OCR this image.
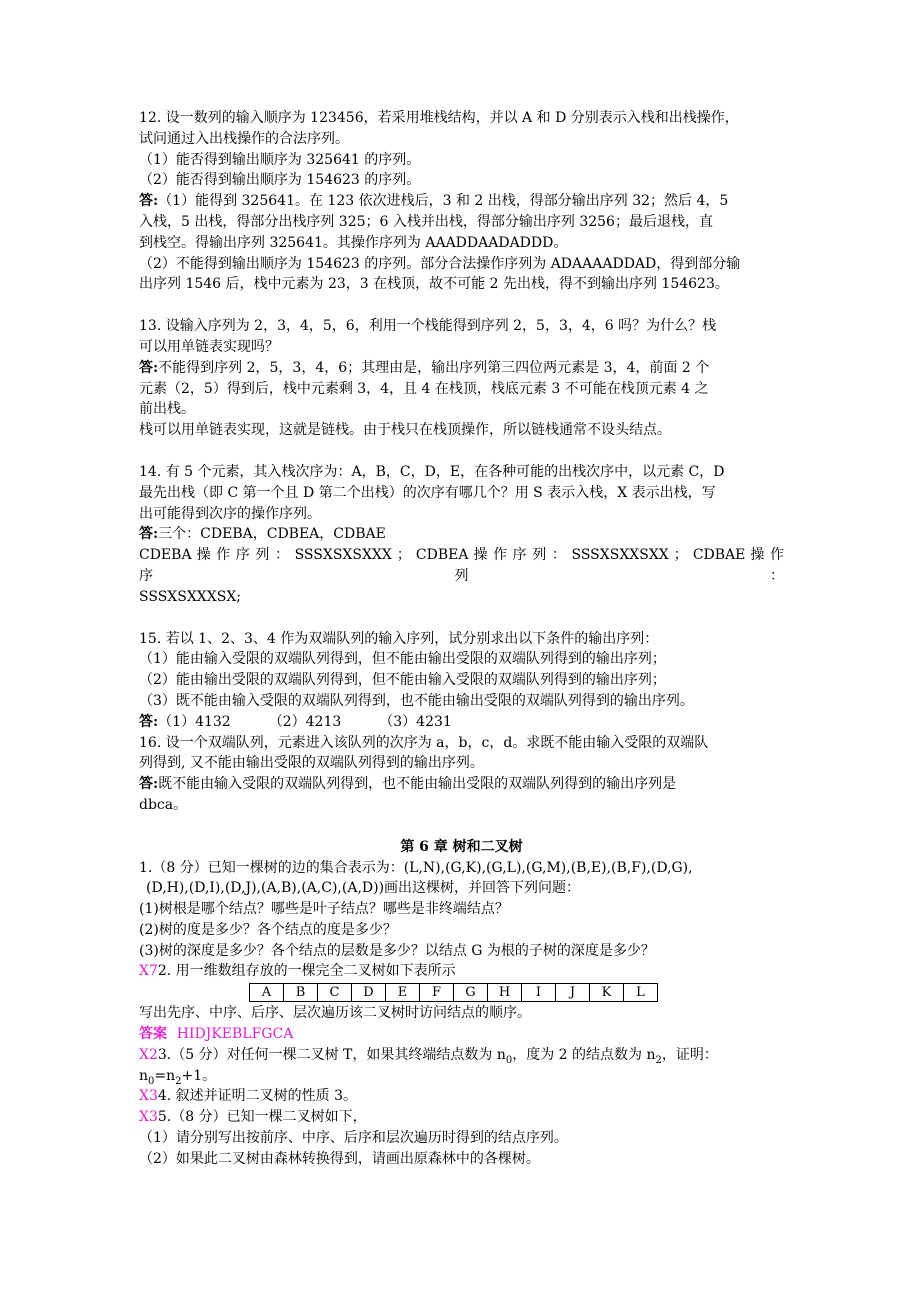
12. 设一数列的输入顺序为 123456，若采用堆栈结构，并以 A 和 D 分别表示入栈和出栈操作，
试问通过入出栈操作的合法序列。
（1）能否得到输出顺序为 325641 的序列。
（2）能否得到输出顺序为 154623 的序列。
答:（1）能得到 325641。在 123 依次进栈后，3 和 2 出栈，得部分输出序列 32；然后 4，5
入栈，5 出栈，得部分出栈序列 325；6 入栈并出栈，得部分输出序列 3256；最后退栈，直
到栈空。得输出序列 325641。其操作序列为 AAADDAADADDD。
（2）不能得到输出顺序为 154623 的序列。部分合法操作序列为 ADAAAADDAD，得到部分输
出序列 1546 后，栈中元素为 23，3 在栈顶，故不可能 2 先出栈，得不到输出序列 154623。
13. 设输入序列为 2，3，4，5，6，利用一个栈能得到序列 2，5，3，4，6 吗？为什么？栈
可以用单链表实现吗？
答:不能得到序列 2，5，3，4，6；其理由是，输出序列第三四位两元素是 3，4，前面 2 个
元素（2，5）得到后，栈中元素剩 3，4，且 4 在栈顶，栈底元素 3 不可能在栈顶元素 4 之
前出栈。
栈可以用单链表实现，这就是链栈。由于栈只在栈顶操作，所以链栈通常不设头结点。
14. 有 5 个元素，其入栈次序为：A，B，C，D，E，在各种可能的出栈次序中，以元素 C，D
最先出栈（即 C 第一个且 D 第二个出栈）的次序有哪几个？用 S 表示入栈，X 表示出栈，写
出可能得到次序的操作序列。
答:三个：CDEBA，CDBEA，CDBAE
CDEBA 操 作 序 列 ： SSSXSXSXXX ； CDBEA 操 作 序 列 ： SSSXSXXSXX ； CDBAE 操 作 序 列 ：
SSSXSXXXSX;
15. 若以 1、2、3、4 作为双端队列的输入序列，试分别求出以下条件的输出序列：
（1）能由输入受限的双端队列得到，但不能由输出受限的双端队列得到的输出序列；
（2）能由输出受限的双端队列得到，但不能由输入受限的双端队列得到的输出序列；
（3）既不能由输入受限的双端队列得到，也不能由输出受限的双端队列得到的输出序列。
答:（1）4132	（2）4213	（3）4231
16. 设一个双端队列，元素进入该队列的次序为 a，b，c，d。求既不能由输入受限的双端队
列得到, 又不能由输出受限的双端队列得到的输出序列。
答:既不能由输入受限的双端队列得到，也不能由输出受限的双端队列得到的输出序列是
dbca。
第 6 章 树和二叉树
1.（8 分）已知一棵树的边的集合表示为：(L,N),(G,K),(G,L),(G,M),(B,E),(B,F),(D,G),
(D,H),(D,I),(D,J),(A,B),(A,C),(A,D))画出这棵树，并回答下列问题：
(1)树根是哪个结点？哪些是叶子结点？哪些是非终端结点？
(2)树的度是多少？各个结点的度是多少？
(3)树的深度是多少？各个结点的层数是多少？以结点 G 为根的子树的深度是多少？
X72. 用一维数组存放的一棵完全二叉树如下表所示
A	B	C	D	E	F	G	H	I	J	K	L
写出先序、中序、后序、层次遍历该二叉树时访问结点的顺序。
答案 HIDJKEBLFGCA
X23.（5 分）对任何一棵二叉树 T，如果其终端结点数为 $n_0$，度为 2 的结点数为 $n_2$，证明：
$n_0=n_2+1$。
X34. 叙述并证明二叉树的性质 3。
X35.（8 分）已知一棵二叉树如下，
（1）请分别写出按前序、中序、后序和层次遍历时得到的结点序列。
（2）如果此二叉树由森林转换得到，请画出原森林中的各棵树。
